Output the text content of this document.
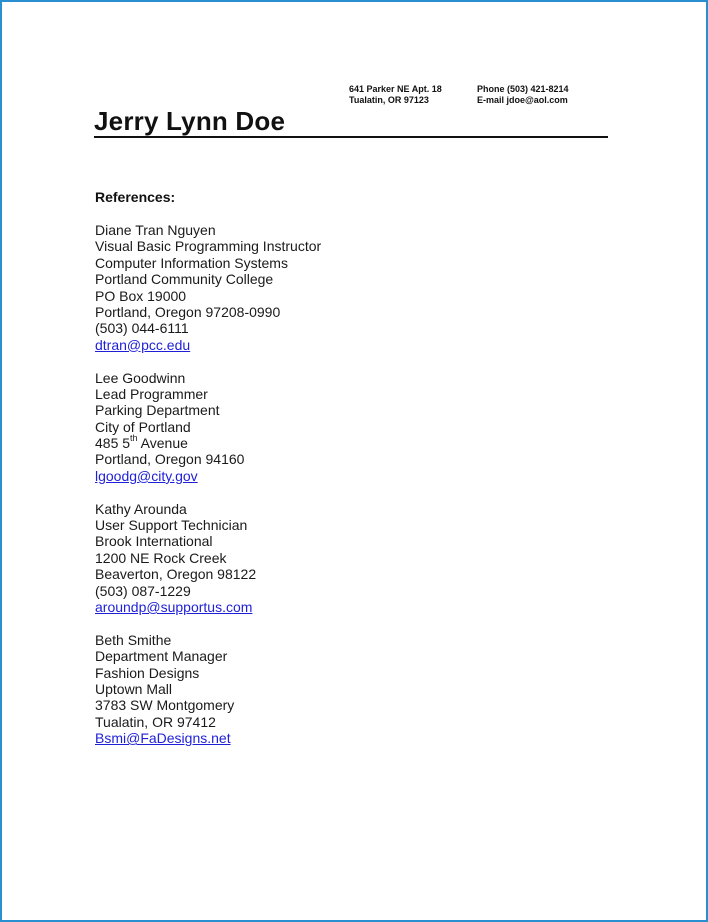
641 Parker NE Apt. 18
Tualatin, OR 97123
Phone (503) 421-8214
E-mail jdoe@aol.com
Jerry Lynn Doe
References:
Diane Tran Nguyen
Visual Basic Programming Instructor
Computer Information Systems
Portland Community College
PO Box 19000
Portland, Oregon 97208-0990
(503) 044-6111
dtran@pcc.edu
Lee Goodwinn
Lead Programmer
Parking Department
City of Portland
485 5th Avenue
Portland, Oregon 94160
lgoodg@city.gov
Kathy Arounda
User Support Technician
Brook International
1200 NE Rock Creek
Beaverton, Oregon 98122
(503) 087-1229
aroundp@supportus.com
Beth Smithe
Department Manager
Fashion Designs
Uptown Mall
3783 SW Montgomery
Tualatin, OR 97412
Bsmi@FaDesigns.net
